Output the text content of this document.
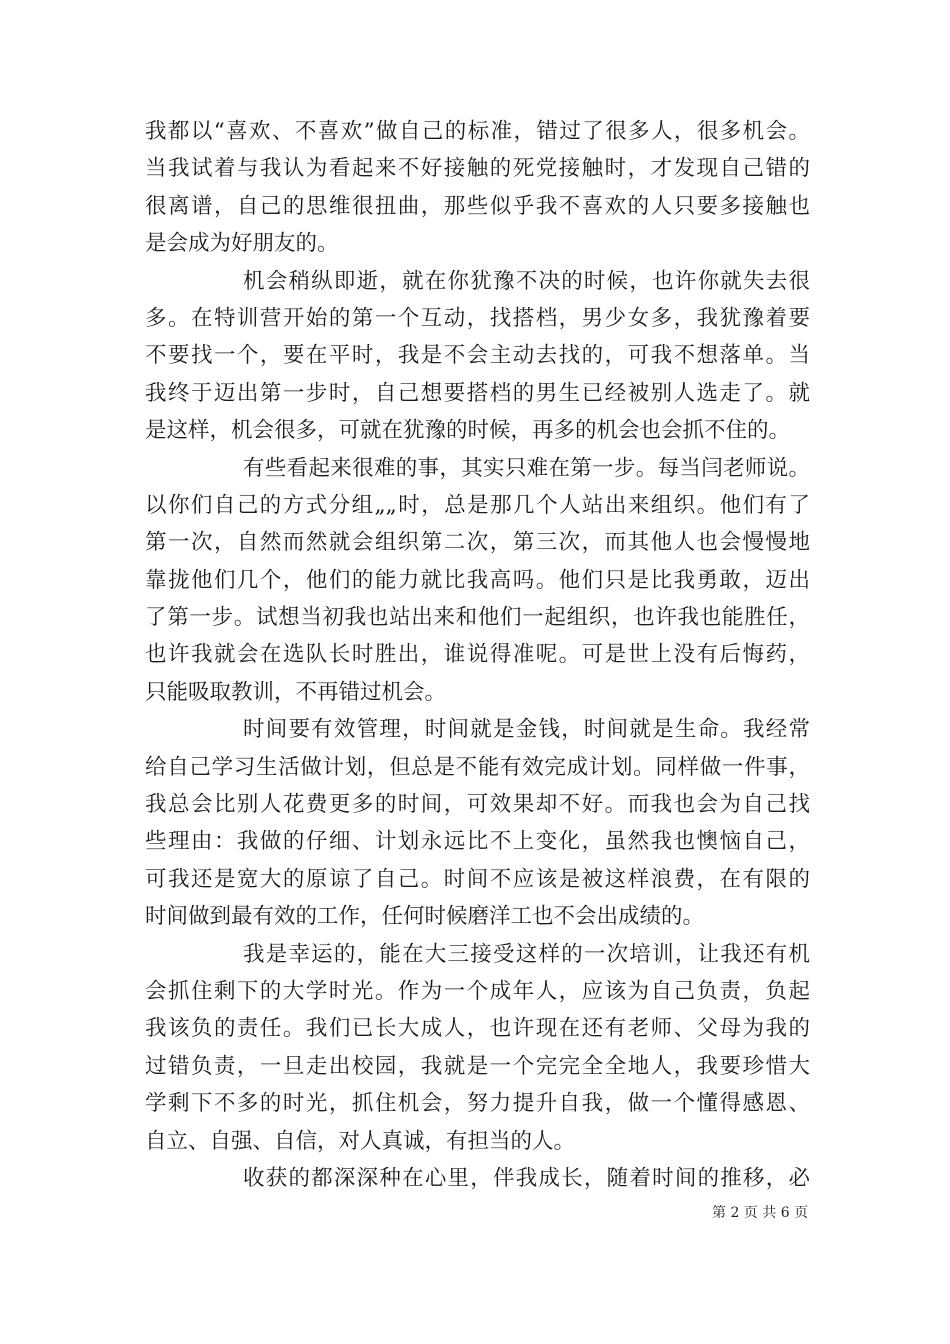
我都以“喜欢、不喜欢”做自己的标准，错过了很多人，很多机会。
当我试着与我认为看起来不好接触的死党接触时，才发现自己错的
很离谱，自己的思维很扭曲，那些似乎我不喜欢的人只要多接触也
是会成为好朋友的。
机会稍纵即逝，就在你犹豫不决的时候，也许你就失去很
多。在特训营开始的第一个互动，找搭档，男少女多，我犹豫着要
不要找一个，要在平时，我是不会主动去找的，可我不想落单。当
我终于迈出第一步时，自己想要搭档的男生已经被别人选走了。就
是这样，机会很多，可就在犹豫的时候，再多的机会也会抓不住的。
有些看起来很难的事，其实只难在第一步。每当闫老师说。
以你们自己的方式分组„„时，总是那几个人站出来组织。他们有了
第一次，自然而然就会组织第二次，第三次，而其他人也会慢慢地
靠拢他们几个，他们的能力就比我高吗。他们只是比我勇敢，迈出
了第一步。试想当初我也站出来和他们一起组织，也许我也能胜任，
也许我就会在选队长时胜出，谁说得准呢。可是世上没有后悔药，
只能吸取教训，不再错过机会。
时间要有效管理，时间就是金钱，时间就是生命。我经常
给自己学习生活做计划，但总是不能有效完成计划。同样做一件事，
我总会比别人花费更多的时间，可效果却不好。而我也会为自己找
些理由：我做的仔细、计划永远比不上变化，虽然我也懊恼自己，
可我还是宽大的原谅了自己。时间不应该是被这样浪费，在有限的
时间做到最有效的工作，任何时候磨洋工也不会出成绩的。
我是幸运的，能在大三接受这样的一次培训，让我还有机
会抓住剩下的大学时光。作为一个成年人，应该为自己负责，负起
我该负的责任。我们已长大成人，也许现在还有老师、父母为我的
过错负责，一旦走出校园，我就是一个完完全全地人，我要珍惜大
学剩下不多的时光，抓住机会，努力提升自我，做一个懂得感恩、
自立、自强、自信，对人真诚，有担当的人。
收获的都深深种在心里，伴我成长，随着时间的推移，必
第 2 页 共 6 页
